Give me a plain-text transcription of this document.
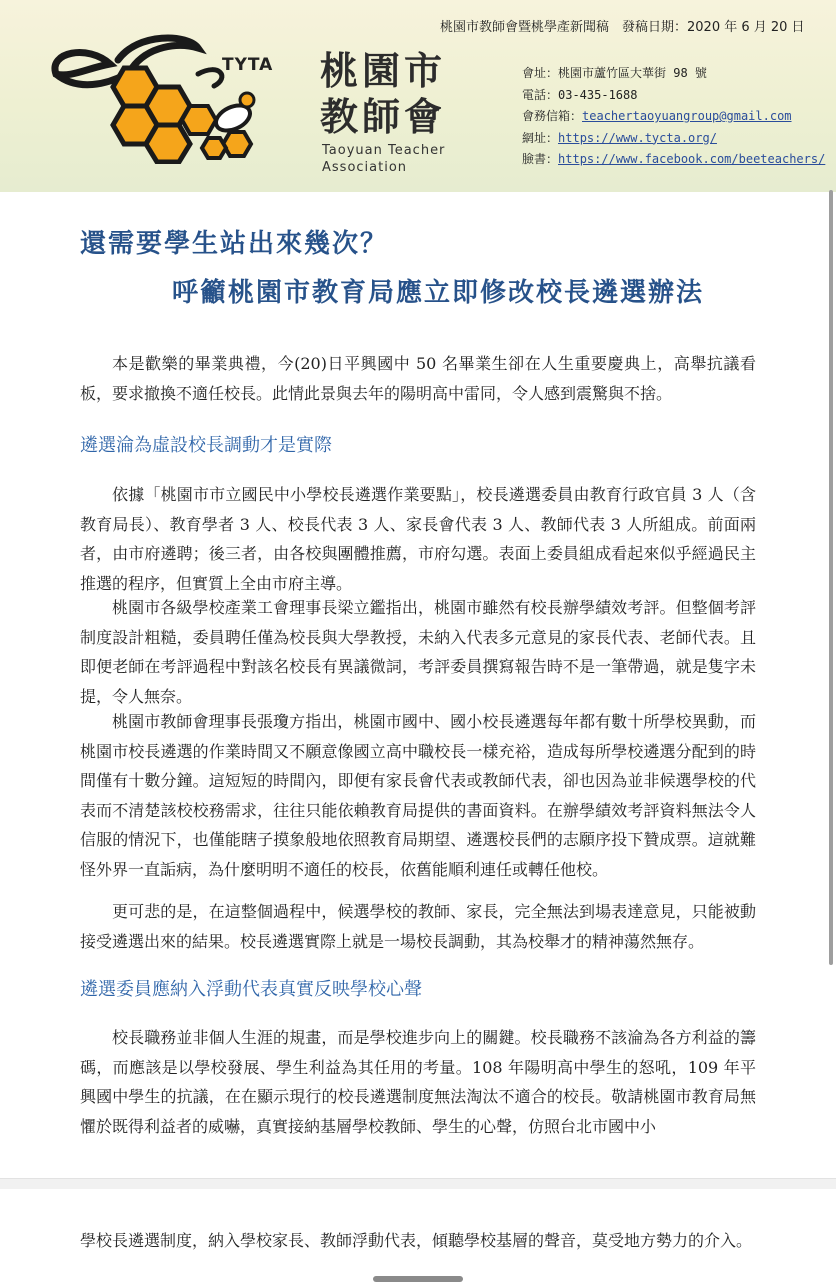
桃園市教師會暨桃學產新聞稿　發稿日期：2020 年 6 月 20 日
TYTA 桃園市
教師會
Taoyuan Teacher
Association
會址：桃園市蘆竹區大華街 98 號
電話：03-435-1688
會務信箱：teachertaoyuangroup@gmail.com
網址：https://www.tycta.org/
臉書：https://www.facebook.com/beeteachers/
還需要學生站出來幾次？
呼籲桃園市教育局應立即修改校長遴選辦法

本是歡樂的畢業典禮，今(20)日平興國中 50 名畢業生卻在人生重要慶典上，高舉抗議看板，要求撤換不適任校長。此情此景與去年的陽明高中雷同，令人感到震驚與不捨。

遴選淪為虛設校長調動才是實際

依據「桃園市市立國民中小學校長遴選作業要點」，校長遴選委員由教育行政官員 3 人（含教育局長）、教育學者 3 人、校長代表 3 人、家長會代表 3 人、教師代表 3 人所組成。前面兩者，由市府遴聘；後三者，由各校與團體推薦，市府勾選。表面上委員組成看起來似乎經過民主推選的程序，但實質上全由市府主導。

桃園市各級學校產業工會理事長梁立鑑指出，桃園市雖然有校長辦學績效考評。但整個考評制度設計粗糙，委員聘任僅為校長與大學教授，未納入代表多元意見的家長代表、老師代表。且即便老師在考評過程中對該名校長有異議微詞，考評委員撰寫報告時不是一筆帶過，就是隻字未提，令人無奈。

桃園市教師會理事長張瓊方指出，桃園市國中、國小校長遴選每年都有數十所學校異動，而桃園市校長遴選的作業時間又不願意像國立高中職校長一樣充裕，造成每所學校遴選分配到的時間僅有十數分鐘。這短短的時間內，即便有家長會代表或教師代表，卻也因為並非候選學校的代表而不清楚該校校務需求，往往只能依賴教育局提供的書面資料。在辦學績效考評資料無法令人信服的情況下，也僅能瞎子摸象般地依照教育局期望、遴選校長們的志願序投下贊成票。這就難怪外界一直詬病，為什麼明明不適任的校長，依舊能順利連任或轉任他校。

更可悲的是，在這整個過程中，候選學校的教師、家長，完全無法到場表達意見，只能被動接受遴選出來的結果。校長遴選實際上就是一場校長調動，其為校舉才的精神蕩然無存。

遴選委員應納入浮動代表真實反映學校心聲

校長職務並非個人生涯的規畫，而是學校進步向上的關鍵。校長職務不該淪為各方利益的籌碼，而應該是以學校發展、學生利益為其任用的考量。108 年陽明高中學生的怒吼，109 年平興國中學生的抗議，在在顯示現行的校長遴選制度無法淘汰不適合的校長。敬請桃園市教育局無懼於既得利益者的威嚇，真實接納基層學校教師、學生的心聲，仿照台北市國中小

學校長遴選制度，納入學校家長、教師浮動代表，傾聽學校基層的聲音，莫受地方勢力的介入。
